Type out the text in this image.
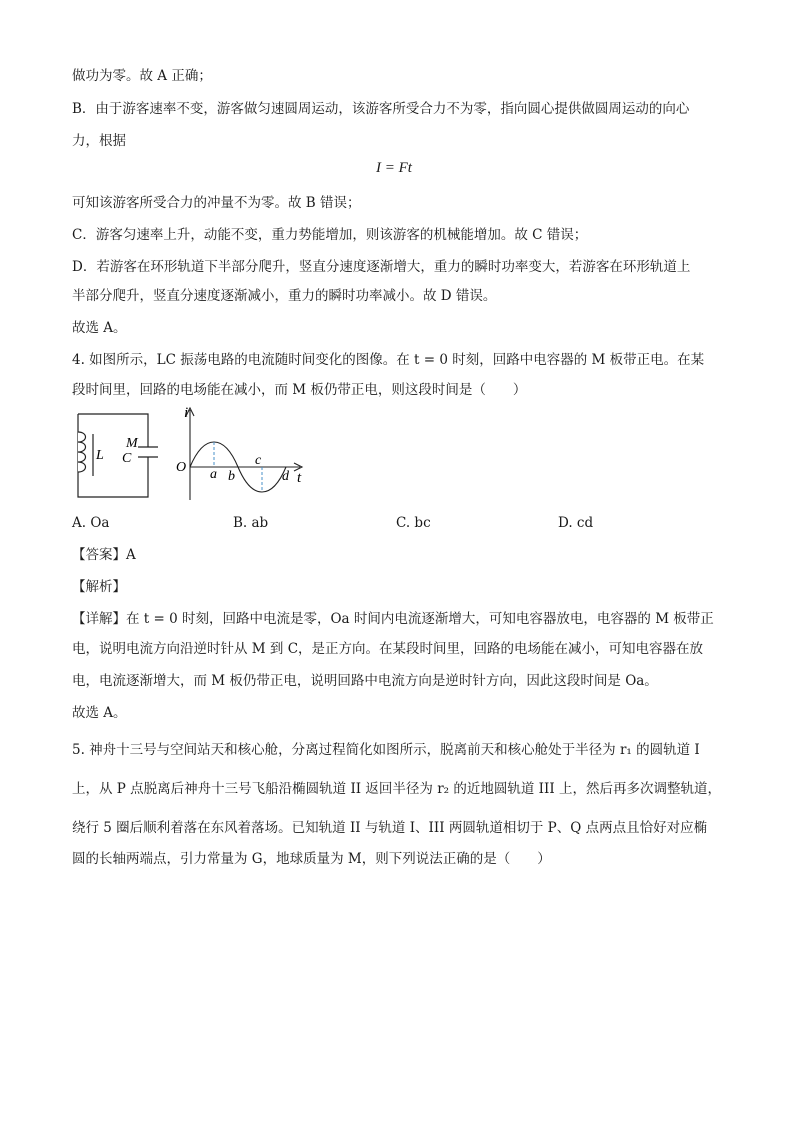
做功为零。故 A 正确；
B．由于游客速率不变，游客做匀速圆周运动，该游客所受合力不为零，指向圆心提供做圆周运动的向心
力，根据
I = Ft
可知该游客所受合力的冲量不为零。故 B 错误；
C．游客匀速率上升，动能不变，重力势能增加，则该游客的机械能增加。故 C 错误；
D．若游客在环形轨道下半部分爬升，竖直分速度逐渐增大，重力的瞬时功率变大，若游客在环形轨道上
半部分爬升，竖直分速度逐渐减小，重力的瞬时功率减小。故 D 错误。
故选 A。
4. 如图所示，LC 振荡电路的电流随时间变化的图像。在 t = 0 时刻，回路中电容器的 M 板带正电。在某
段时间里，回路的电场能在减小，而 M 板仍带正电，则这段时间是（　　）
L
M
C
i
O a b
c
d t
A. Oa	B. ab	C. bc	D. cd
【答案】A
【解析】
【详解】在 t = 0 时刻，回路中电流是零，Oa 时间内电流逐渐增大，可知电容器放电，电容器的 M 板带正
电，说明电流方向沿逆时针从 M 到 C，是正方向。在某段时间里，回路的电场能在减小，可知电容器在放
电，电流逐渐增大，而 M 板仍带正电，说明回路中电流方向是逆时针方向，因此这段时间是 Oa。
故选 A。
5. 神舟十三号与空间站天和核心舱，分离过程简化如图所示，脱离前天和核心舱处于半径为 r₁ 的圆轨道 I
上，从 P 点脱离后神舟十三号飞船沿椭圆轨道 II 返回半径为 r₂ 的近地圆轨道 III 上，然后再多次调整轨道，
绕行 5 圈后顺利着落在东风着落场。已知轨道 II 与轨道 I、III 两圆轨道相切于 P、Q 点两点且恰好对应椭
圆的长轴两端点，引力常量为 G，地球质量为 M，则下列说法正确的是（　　）
